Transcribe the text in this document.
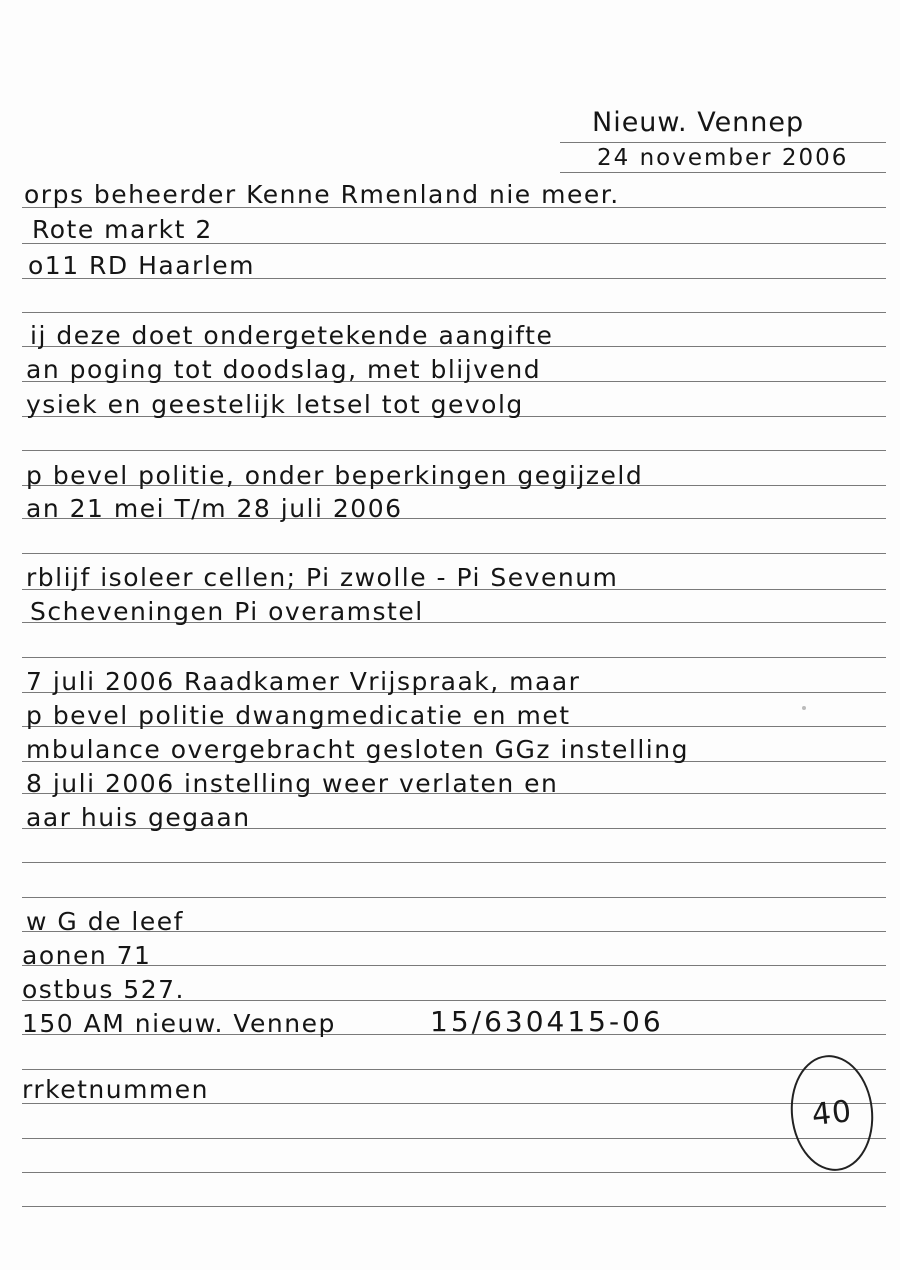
Nieuw. Vennep
24 november 2006
orps beheerder Kenne Rmenland nie meer.
Rote markt 2
o11 RD Haarlem
ij deze doet ondergetekende aangifte
an poging tot doodslag, met blijvend
ysiek en geestelijk letsel tot gevolg
p bevel politie, onder beperkingen gegijzeld
an 21 mei T/m 28 juli 2006
rblijf isoleer cellen; Pi zwolle - Pi Sevenum
Scheveningen Pi overamstel
7 juli 2006 Raadkamer Vrijspraak, maar
p bevel politie dwangmedicatie en met
mbulance overgebracht gesloten GGz instelling
8 juli 2006 instelling weer verlaten en
aar huis gegaan
w G de leef
aonen 71
ostbus 527.
150 AM nieuw. Vennep	15/630415-06
rrketnummen
40
